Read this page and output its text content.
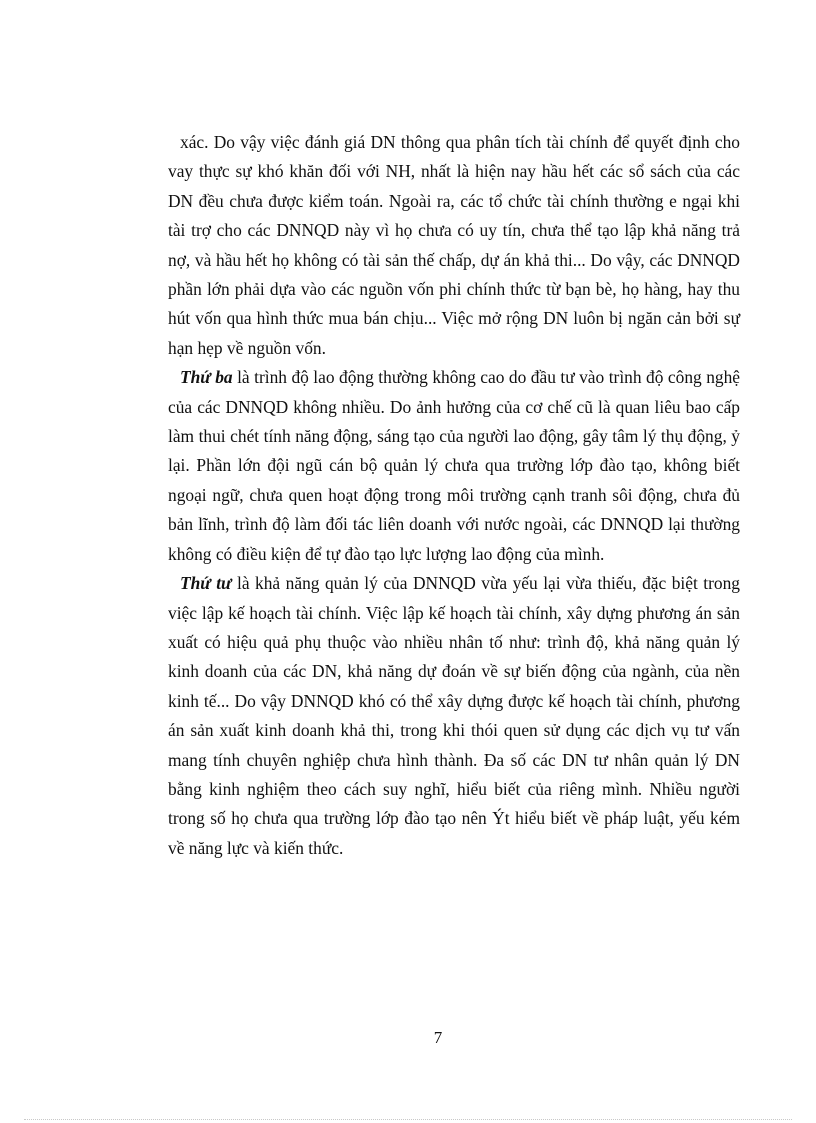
xác. Do vậy việc đánh giá DN thông qua phân tích tài chính để quyết định cho vay thực sự khó khăn đối với NH, nhất là hiện nay hầu hết các sổ sách của các DN đều chưa được kiểm toán. Ngoài ra, các tổ chức tài chính thường e ngại khi tài trợ cho các DNNQD này vì họ chưa có uy tín, chưa thể tạo lập khả năng trả nợ, và hầu hết họ không có tài sản thế chấp, dự án khả thi... Do vậy, các DNNQD phần lớn phải dựa vào các nguồn vốn phi chính thức từ bạn bè, họ hàng, hay thu hút vốn qua hình thức mua bán chịu... Việc mở rộng DN luôn bị ngăn cản bởi sự hạn hẹp về nguồn vốn.

Thứ ba là trình độ lao động thường không cao do đầu tư vào trình độ công nghệ của các DNNQD không nhiều. Do ảnh hưởng của cơ chế cũ là quan liêu bao cấp làm thui chét tính năng động, sáng tạo của người lao động, gây tâm lý thụ động, ỷ lại. Phần lớn đội ngũ cán bộ quản lý chưa qua trường lớp đào tạo, không biết ngoại ngữ, chưa quen hoạt động trong môi trường cạnh tranh sôi động, chưa đủ bản lĩnh, trình độ làm đối tác liên doanh với nước ngoài, các DNNQD lại thường không có điều kiện để tự đào tạo lực lượng lao động của mình.

Thứ tư là khả năng quản lý của DNNQD vừa yếu lại vừa thiếu, đặc biệt trong việc lập kế hoạch tài chính. Việc lập kế hoạch tài chính, xây dựng phương án sản xuất có hiệu quả phụ thuộc vào nhiều nhân tố như: trình độ, khả năng quản lý kinh doanh của các DN, khả năng dự đoán về sự biến động của ngành, của nền kinh tế... Do vậy DNNQD khó có thể xây dựng được kế hoạch tài chính, phương án sản xuất kinh doanh khả thi, trong khi thói quen sử dụng các dịch vụ tư vấn mang tính chuyên nghiệp chưa hình thành. Đa số các DN tư nhân quản lý DN bằng kinh nghiệm theo cách suy nghĩ, hiểu biết của riêng mình. Nhiều người trong số họ chưa qua trường lớp đào tạo nên Ýt hiểu biết về pháp luật, yếu kém về năng lực và kiến thức.

7
